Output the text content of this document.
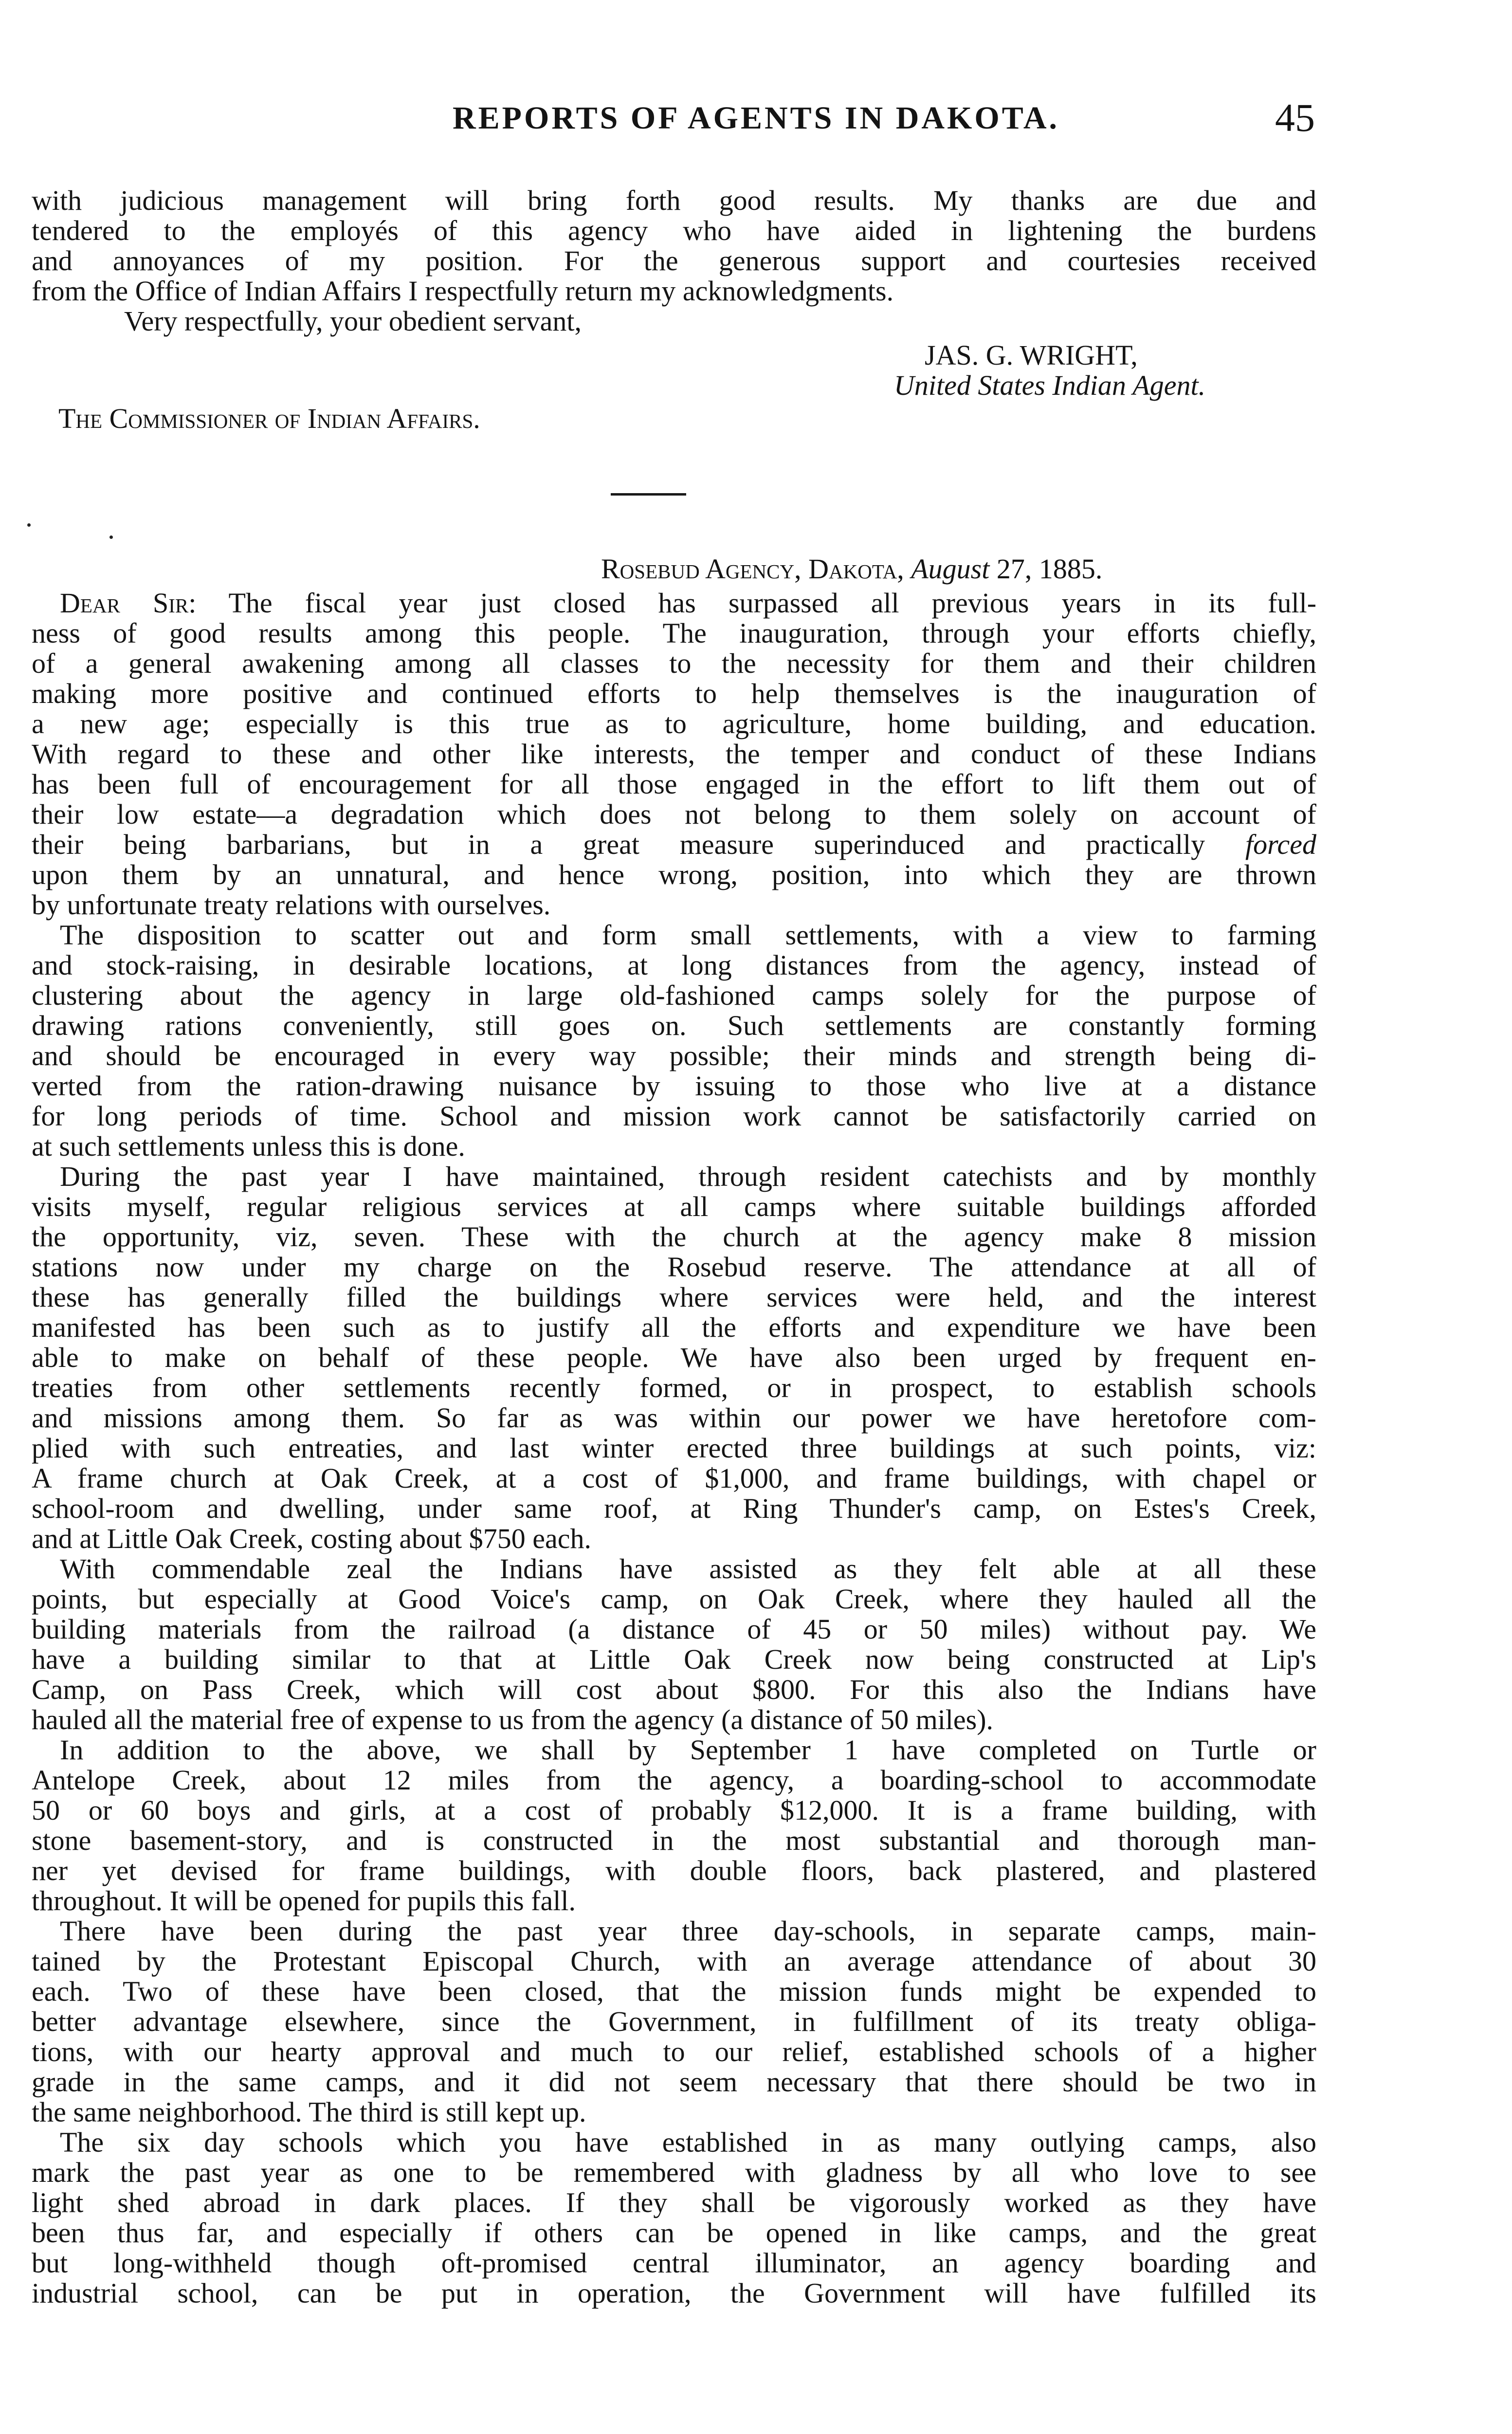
REPORTS OF AGENTS IN DAKOTA.	45
with judicious management will bring forth good results. My thanks are due and
tendered to the employés of this agency who have aided in lightening the burdens
and annoyances of my position. For the generous support and courtesies received
from the Office of Indian Affairs I respectfully return my acknowledgments.
Very respectfully, your obedient servant,
JAS. G. WRIGHT,
United States Indian Agent.
The Commissioner of Indian Affairs.
Rosebud Agency, Dakota, August 27, 1885.
Dear Sir: The fiscal year just closed has surpassed all previous years in its full-
ness of good results among this people. The inauguration, through your efforts chiefly,
of a general awakening among all classes to the necessity for them and their children
making more positive and continued efforts to help themselves is the inauguration of
a new age; especially is this true as to agriculture, home building, and education.
With regard to these and other like interests, the temper and conduct of these Indians
has been full of encouragement for all those engaged in the effort to lift them out of
their low estate—a degradation which does not belong to them solely on account of
their being barbarians, but in a great measure superinduced and practically forced
upon them by an unnatural, and hence wrong, position, into which they are thrown
by unfortunate treaty relations with ourselves.
The disposition to scatter out and form small settlements, with a view to farming
and stock-raising, in desirable locations, at long distances from the agency, instead of
clustering about the agency in large old-fashioned camps solely for the purpose of
drawing rations conveniently, still goes on. Such settlements are constantly forming
and should be encouraged in every way possible; their minds and strength being di-
verted from the ration-drawing nuisance by issuing to those who live at a distance
for long periods of time. School and mission work cannot be satisfactorily carried on
at such settlements unless this is done.
During the past year I have maintained, through resident catechists and by monthly
visits myself, regular religious services at all camps where suitable buildings afforded
the opportunity, viz, seven. These with the church at the agency make 8 mission
stations now under my charge on the Rosebud reserve. The attendance at all of
these has generally filled the buildings where services were held, and the interest
manifested has been such as to justify all the efforts and expenditure we have been
able to make on behalf of these people. We have also been urged by frequent en-
treaties from other settlements recently formed, or in prospect, to establish schools
and missions among them. So far as was within our power we have heretofore com-
plied with such entreaties, and last winter erected three buildings at such points, viz:
A frame church at Oak Creek, at a cost of $1,000, and frame buildings, with chapel or
school-room and dwelling, under same roof, at Ring Thunder's camp, on Estes's Creek,
and at Little Oak Creek, costing about $750 each.
With commendable zeal the Indians have assisted as they felt able at all these
points, but especially at Good Voice's camp, on Oak Creek, where they hauled all the
building materials from the railroad (a distance of 45 or 50 miles) without pay. We
have a building similar to that at Little Oak Creek now being constructed at Lip's
Camp, on Pass Creek, which will cost about $800. For this also the Indians have
hauled all the material free of expense to us from the agency (a distance of 50 miles).
In addition to the above, we shall by September 1 have completed on Turtle or
Antelope Creek, about 12 miles from the agency, a boarding-school to accommodate
50 or 60 boys and girls, at a cost of probably $12,000. It is a frame building, with
stone basement-story, and is constructed in the most substantial and thorough man-
ner yet devised for frame buildings, with double floors, back plastered, and plastered
throughout. It will be opened for pupils this fall.
There have been during the past year three day-schools, in separate camps, main-
tained by the Protestant Episcopal Church, with an average attendance of about 30
each. Two of these have been closed, that the mission funds might be expended to
better advantage elsewhere, since the Government, in fulfillment of its treaty obliga-
tions, with our hearty approval and much to our relief, established schools of a higher
grade in the same camps, and it did not seem necessary that there should be two in
the same neighborhood. The third is still kept up.
The six day schools which you have established in as many outlying camps, also
mark the past year as one to be remembered with gladness by all who love to see
light shed abroad in dark places. If they shall be vigorously worked as they have
been thus far, and especially if others can be opened in like camps, and the great
but long-withheld though oft-promised central illuminator, an agency boarding and
industrial school, can be put in operation, the Government will have fulfilled its
